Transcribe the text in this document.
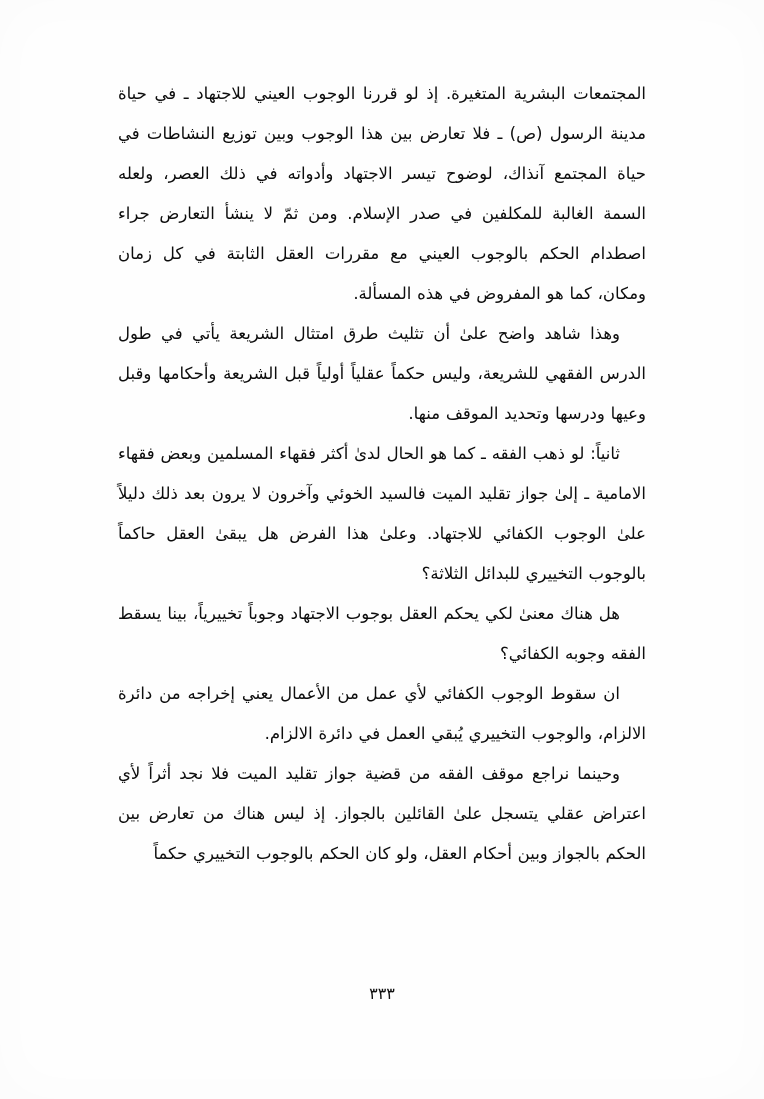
المجتمعات البشرية المتغيرة. إذ لو قررنا الوجوب العيني للاجتهاد ـ في حياة مدينة الرسول (ص) ـ فلا تعارض بين هذا الوجوب وبين توزيع النشاطات في حياة المجتمع آنذاك، لوضوح تيسر الاجتهاد وأدواته في ذلك العصر، ولعله السمة الغالبة للمكلفين في صدر الإسلام. ومن ثمّ لا ينشأ التعارض جراء اصطدام الحكم بالوجوب العيني مع مقررات العقل الثابتة في كل زمان ومكان، كما هو المفروض في هذه المسألة.

وهذا شاهد واضح علىٰ أن تثليث طرق امتثال الشريعة يأتي في طول الدرس الفقهي للشريعة، وليس حكماً عقلياً أولياً قبل الشريعة وأحكامها وقبل وعيها ودرسها وتحديد الموقف منها.

ثانياً: لو ذهب الفقه ـ كما هو الحال لدىٰ أكثر فقهاء المسلمين وبعض فقهاء الامامية ـ إلىٰ جواز تقليد الميت فالسيد الخوئي وآخرون لا يرون بعد ذلك دليلاً علىٰ الوجوب الكفائي للاجتهاد. وعلىٰ هذا الفرض هل يبقىٰ العقل حاكماً بالوجوب التخييري للبدائل الثلاثة؟

هل هناك معنىٰ لكي يحكم العقل بوجوب الاجتهاد وجوباً تخييرياً، بينا يسقط الفقه وجوبه الكفائي؟

ان سقوط الوجوب الكفائي لأي عمل من الأعمال يعني إخراجه من دائرة الالزام، والوجوب التخييري يُبقي العمل في دائرة الالزام.

وحينما نراجع موقف الفقه من قضية جواز تقليد الميت فلا نجد أثراً لأي اعتراض عقلي يتسجل علىٰ القائلين بالجواز. إذ ليس هناك من تعارض بين الحكم بالجواز وبين أحكام العقل، ولو كان الحكم بالوجوب التخييري حكماً

٣٣٣
